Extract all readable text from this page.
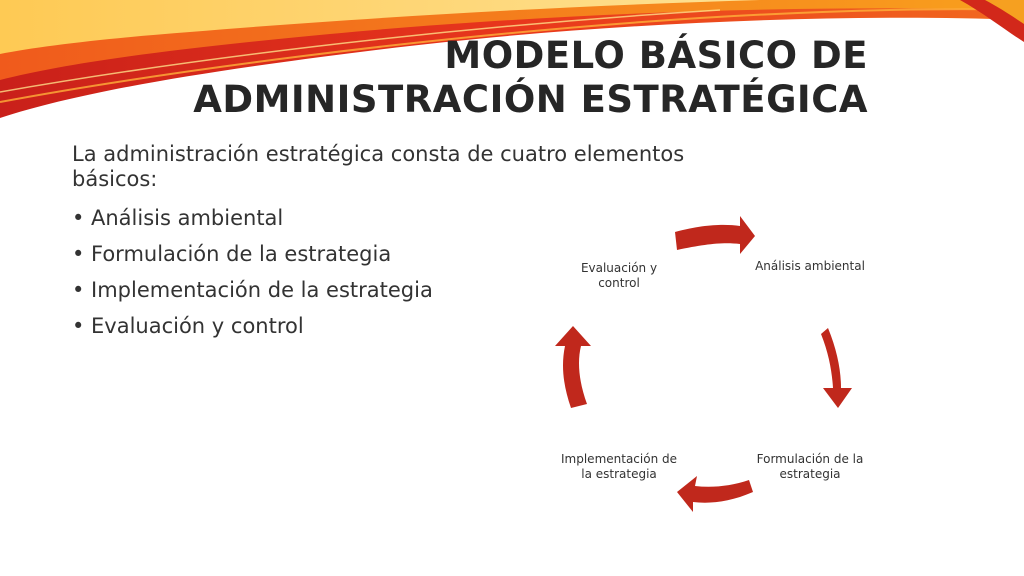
MODELO BÁSICO DE
ADMINISTRACIÓN ESTRATÉGICA

La administración estratégica consta de cuatro elementos básicos:

• Análisis ambiental
• Formulación de la estrategia
• Implementación de la estrategia
• Evaluación y control
Análisis ambiental
Formulación de la estrategia
Implementación de la estrategia
Evaluación y control
